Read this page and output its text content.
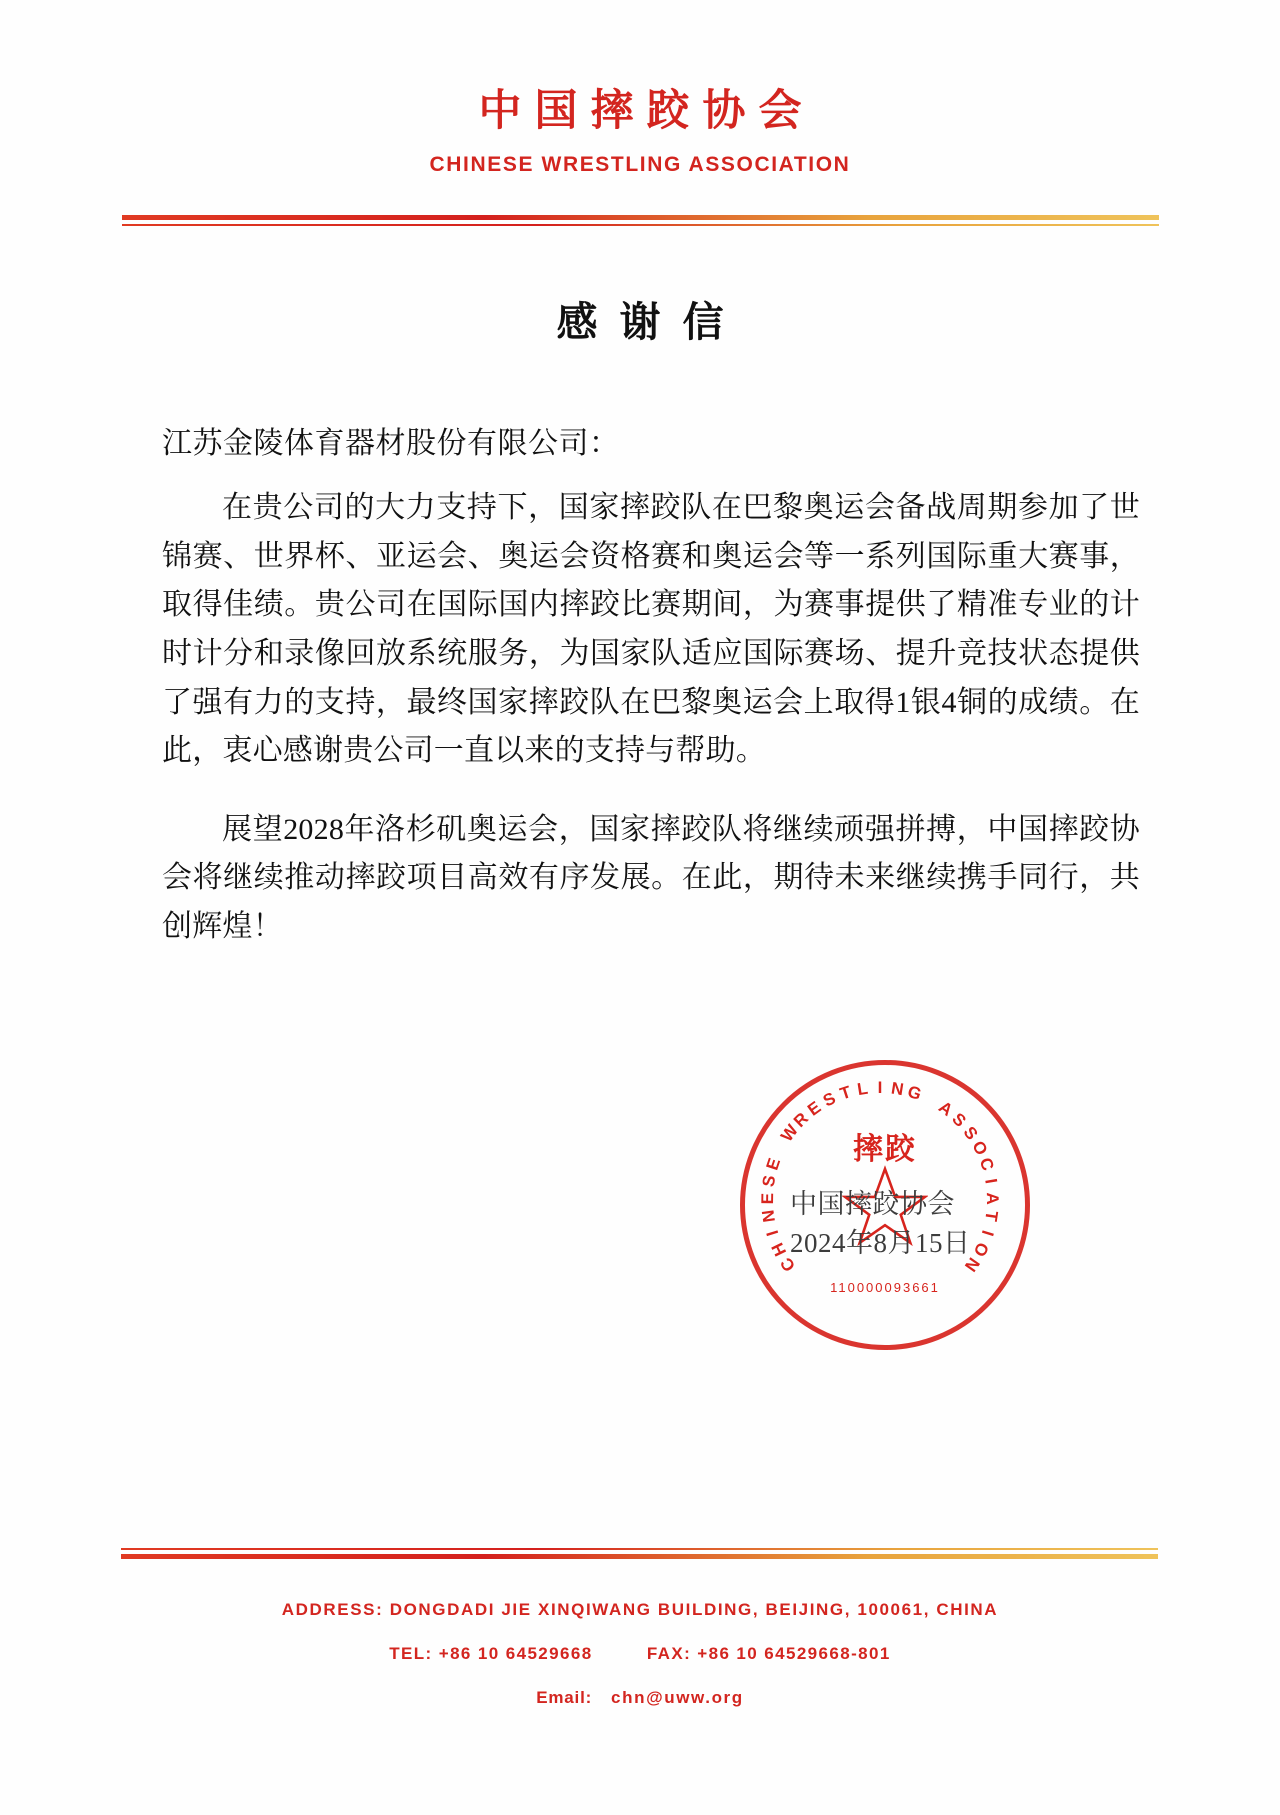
中国摔跤协会
CHINESE WRESTLING ASSOCIATION
感谢信
江苏金陵体育器材股份有限公司：

在贵公司的大力支持下，国家摔跤队在巴黎奥运会备战周期参加了世锦赛、世界杯、亚运会、奥运会资格赛和奥运会等一系列国际重大赛事，取得佳绩。贵公司在国际国内摔跤比赛期间，为赛事提供了精准专业的计时计分和录像回放系统服务，为国家队适应国际赛场、提升竞技状态提供了强有力的支持，最终国家摔跤队在巴黎奥运会上取得1银4铜的成绩。在此，衷心感谢贵公司一直以来的支持与帮助。

展望2028年洛杉矶奥运会，国家摔跤队将继续顽强拼搏，中国摔跤协会将继续推动摔跤项目高效有序发展。在此，期待未来继续携手同行，共创辉煌！

C
H
I
N
E
S
E
W
R
E
S
T L I N G
A
S
S
O
C
I
A
T
I
O
N
摔跤
110000093661
中国摔跤协会
2024年8月15日
ADDRESS: DONGDADI JIE XINQIWANG BUILDING, BEIJING, 100061, CHINA
TEL: +86 10 64529668	FAX: +86 10 64529668-801
Email: chn@uww.org
